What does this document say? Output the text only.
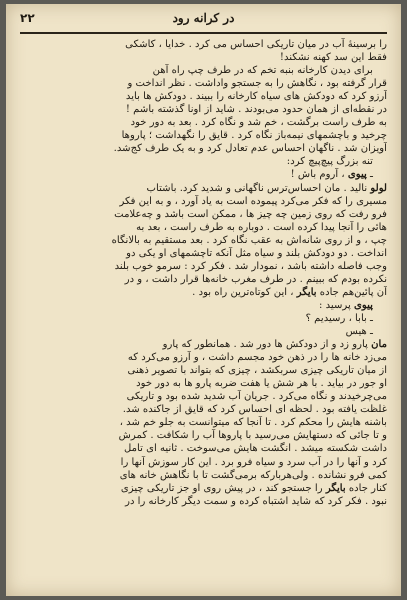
در کرانه رود
۲۲
را برسینهٔ آب در میان تاریکی احساس می کرد . خدایا ، کاشکی
فقط این سد کهنه نشکند!
برای دیدن کارخانه بنبه تخم که در طرف چپ راه آهن
قرار گرفته بود ، نگاهش را به جستجو واداشت . نظر انداخت و
آرزو کرد که دودکش های سیاه کارخانه را ببیند . دودکش ها باید
در نقطه‌ای از همان حدود می‌بودند . شاید از اونا گذشته باشم !
به طرف راست برگشت ، خم شد و نگاه کرد . بعد به دور خود
چرخید و باچشمهای نیمه‌باز نگاه کرد . قایق را نگهداشت ؛ پاروها
آویزان شد . ناگهان احساس عدم تعادل کرد و به یک طرف کج‌شد.
تنه بزرگ پیچ‌پیچ کرد:
ـ پیوی ، آروم باش !
لولو نالید . مان احساس‌ترس ناگهانی و شدید کرد. باشتاب
مسیری را که فکر می‌کرد پیموده است به یاد آورد ، و به این فکر
فرو رفت که روی زمین چه چیز ها ، ممکن است باشد و چه‌علامت
هائی را آنجا پیدا کرده است . دوباره به طرف راست ، بعد به
چپ ، و از روی شانه‌اش به عقب نگاه کرد . بعد مستقیم به بالانگاه
انداخت . دو دودکش بلند و سیاه مثل آنکه تاچشمهای او یکی دو
وجب فاصله داشته باشد ، نمودار شد . فکر کرد : سرمو خوب بلند
نکرده بودم که ببینم . در طرف مغرب خانه‌ها قرار داشت ، و در
آن پائین‌هم جاده بایگر ، این کوتاه‌ترین راه بود .
پیوی پرسید :
ـ بابا ، رسیدیم ؟
ـ هیس
مان پارو زد و از دودکش ها دور شد . همانطور که پارو
می‌زد خانه ها را در ذهن خود مجسم داشت ، و آرزو می‌کرد که
از میان تاریکی چیزی سربکشد ، چیزی که بتواند با تصویر ذهنی
او جور در بیاید . با هر شش یا هفت ضربه پارو ها به دور خود
می‌چرخیدند و نگاه می‌کرد . جریان آب شدید شده بود و تاریکی
غلظت یافته بود . لحظه ای احساس کرد که قایق از جاکنده شد.
باشنه هایش را محکم کرد . تا آنجا که میتوانست به جلو خم شد ،
و تا جائی که دستهایش می‌رسید با پاروها آب را شکافت . کمرش
داشت شکسته میشد . انگشت هایش می‌سوخت . ثانیه ای تامل
کرد و آنها را در آب سرد و سیاه فرو برد . این کار سوزش آنها را
کمی فرو نشانده . ولی‌هربارکه برمی‌گشت تا با نگاهش خانه های
کنار جاده بایگر را جستجو کند ، در پیش روی او جز تاریکی چیزی
نبود . فکر کرد که شاید اشتباه کرده و سمت دیگر کارخانه را در
